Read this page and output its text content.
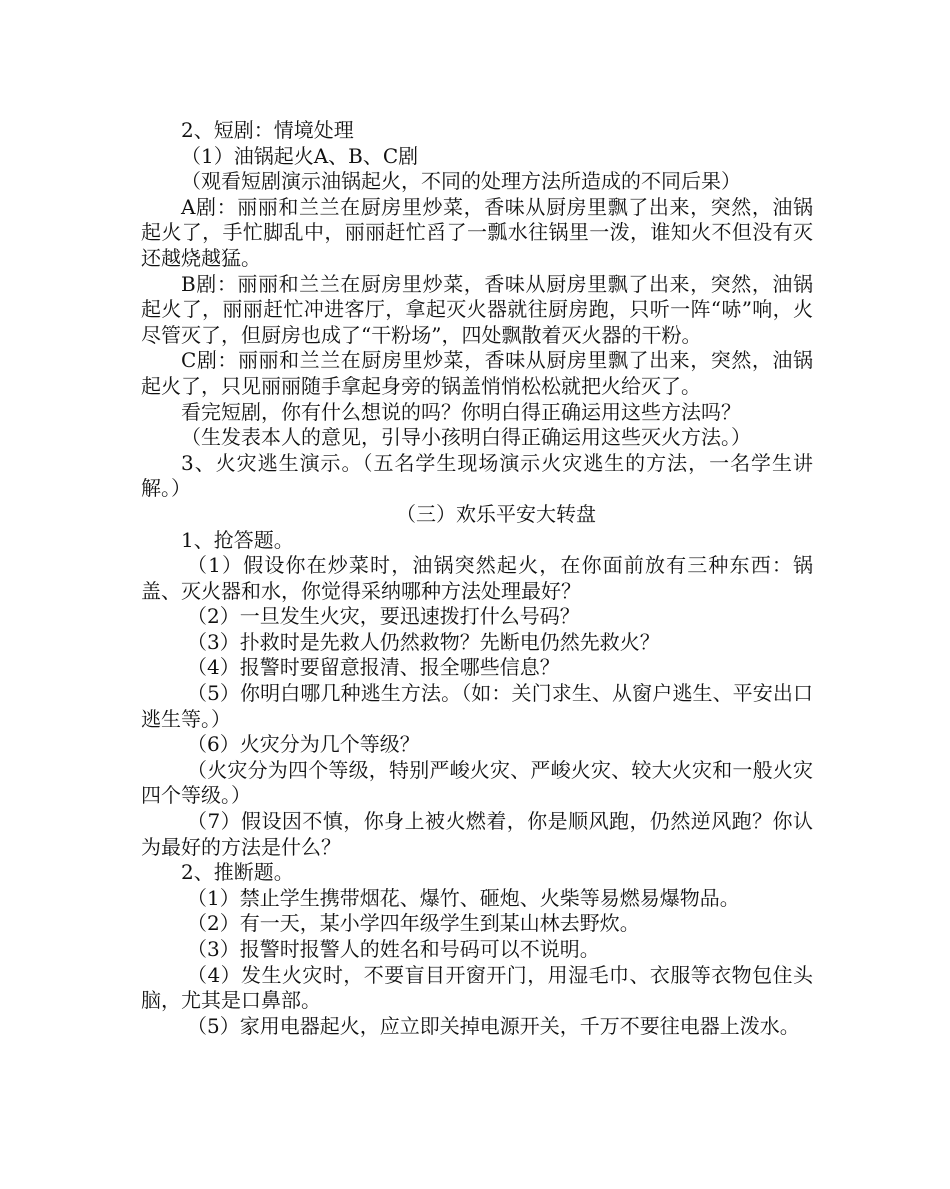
2、短剧：情境处理

（1）油锅起火A、B、C剧

（观看短剧演示油锅起火，不同的处理方法所造成的不同后果）

A剧：丽丽和兰兰在厨房里炒菜，香味从厨房里飘了出来，突然，油锅起火了，手忙脚乱中，丽丽赶忙舀了一瓢水往锅里一泼，谁知火不但没有灭还越烧越猛。

B剧：丽丽和兰兰在厨房里炒菜，香味从厨房里飘了出来，突然，油锅起火了，丽丽赶忙冲进客厅，拿起灭火器就往厨房跑，只听一阵“哧”响，火尽管灭了，但厨房也成了“干粉场”，四处飘散着灭火器的干粉。

C剧：丽丽和兰兰在厨房里炒菜，香味从厨房里飘了出来，突然，油锅起火了，只见丽丽随手拿起身旁的锅盖悄悄松松就把火给灭了。

看完短剧，你有什么想说的吗？你明白得正确运用这些方法吗？

（生发表本人的意见，引导小孩明白得正确运用这些灭火方法。）

3、火灾逃生演示。（五名学生现场演示火灾逃生的方法，一名学生讲解。）

（三）欢乐平安大转盘

1、抢答题。

（1）假设你在炒菜时，油锅突然起火，在你面前放有三种东西：锅盖、灭火器和水，你觉得采纳哪种方法处理最好？

（2）一旦发生火灾，要迅速拨打什么号码？

（3）扑救时是先救人仍然救物？先断电仍然先救火？

（4）报警时要留意报清、报全哪些信息？

（5）你明白哪几种逃生方法。（如：关门求生、从窗户逃生、平安出口逃生等。）

（6）火灾分为几个等级？

（火灾分为四个等级，特别严峻火灾、严峻火灾、较大火灾和一般火灾四个等级。）

（7）假设因不慎，你身上被火燃着，你是顺风跑，仍然逆风跑？你认为最好的方法是什么？

2、推断题。

（1）禁止学生携带烟花、爆竹、砸炮、火柴等易燃易爆物品。

（2）有一天，某小学四年级学生到某山林去野炊。

（3）报警时报警人的姓名和号码可以不说明。

（4）发生火灾时，不要盲目开窗开门，用湿毛巾、衣服等衣物包住头脑，尤其是口鼻部。

（5）家用电器起火，应立即关掉电源开关，千万不要往电器上泼水。
